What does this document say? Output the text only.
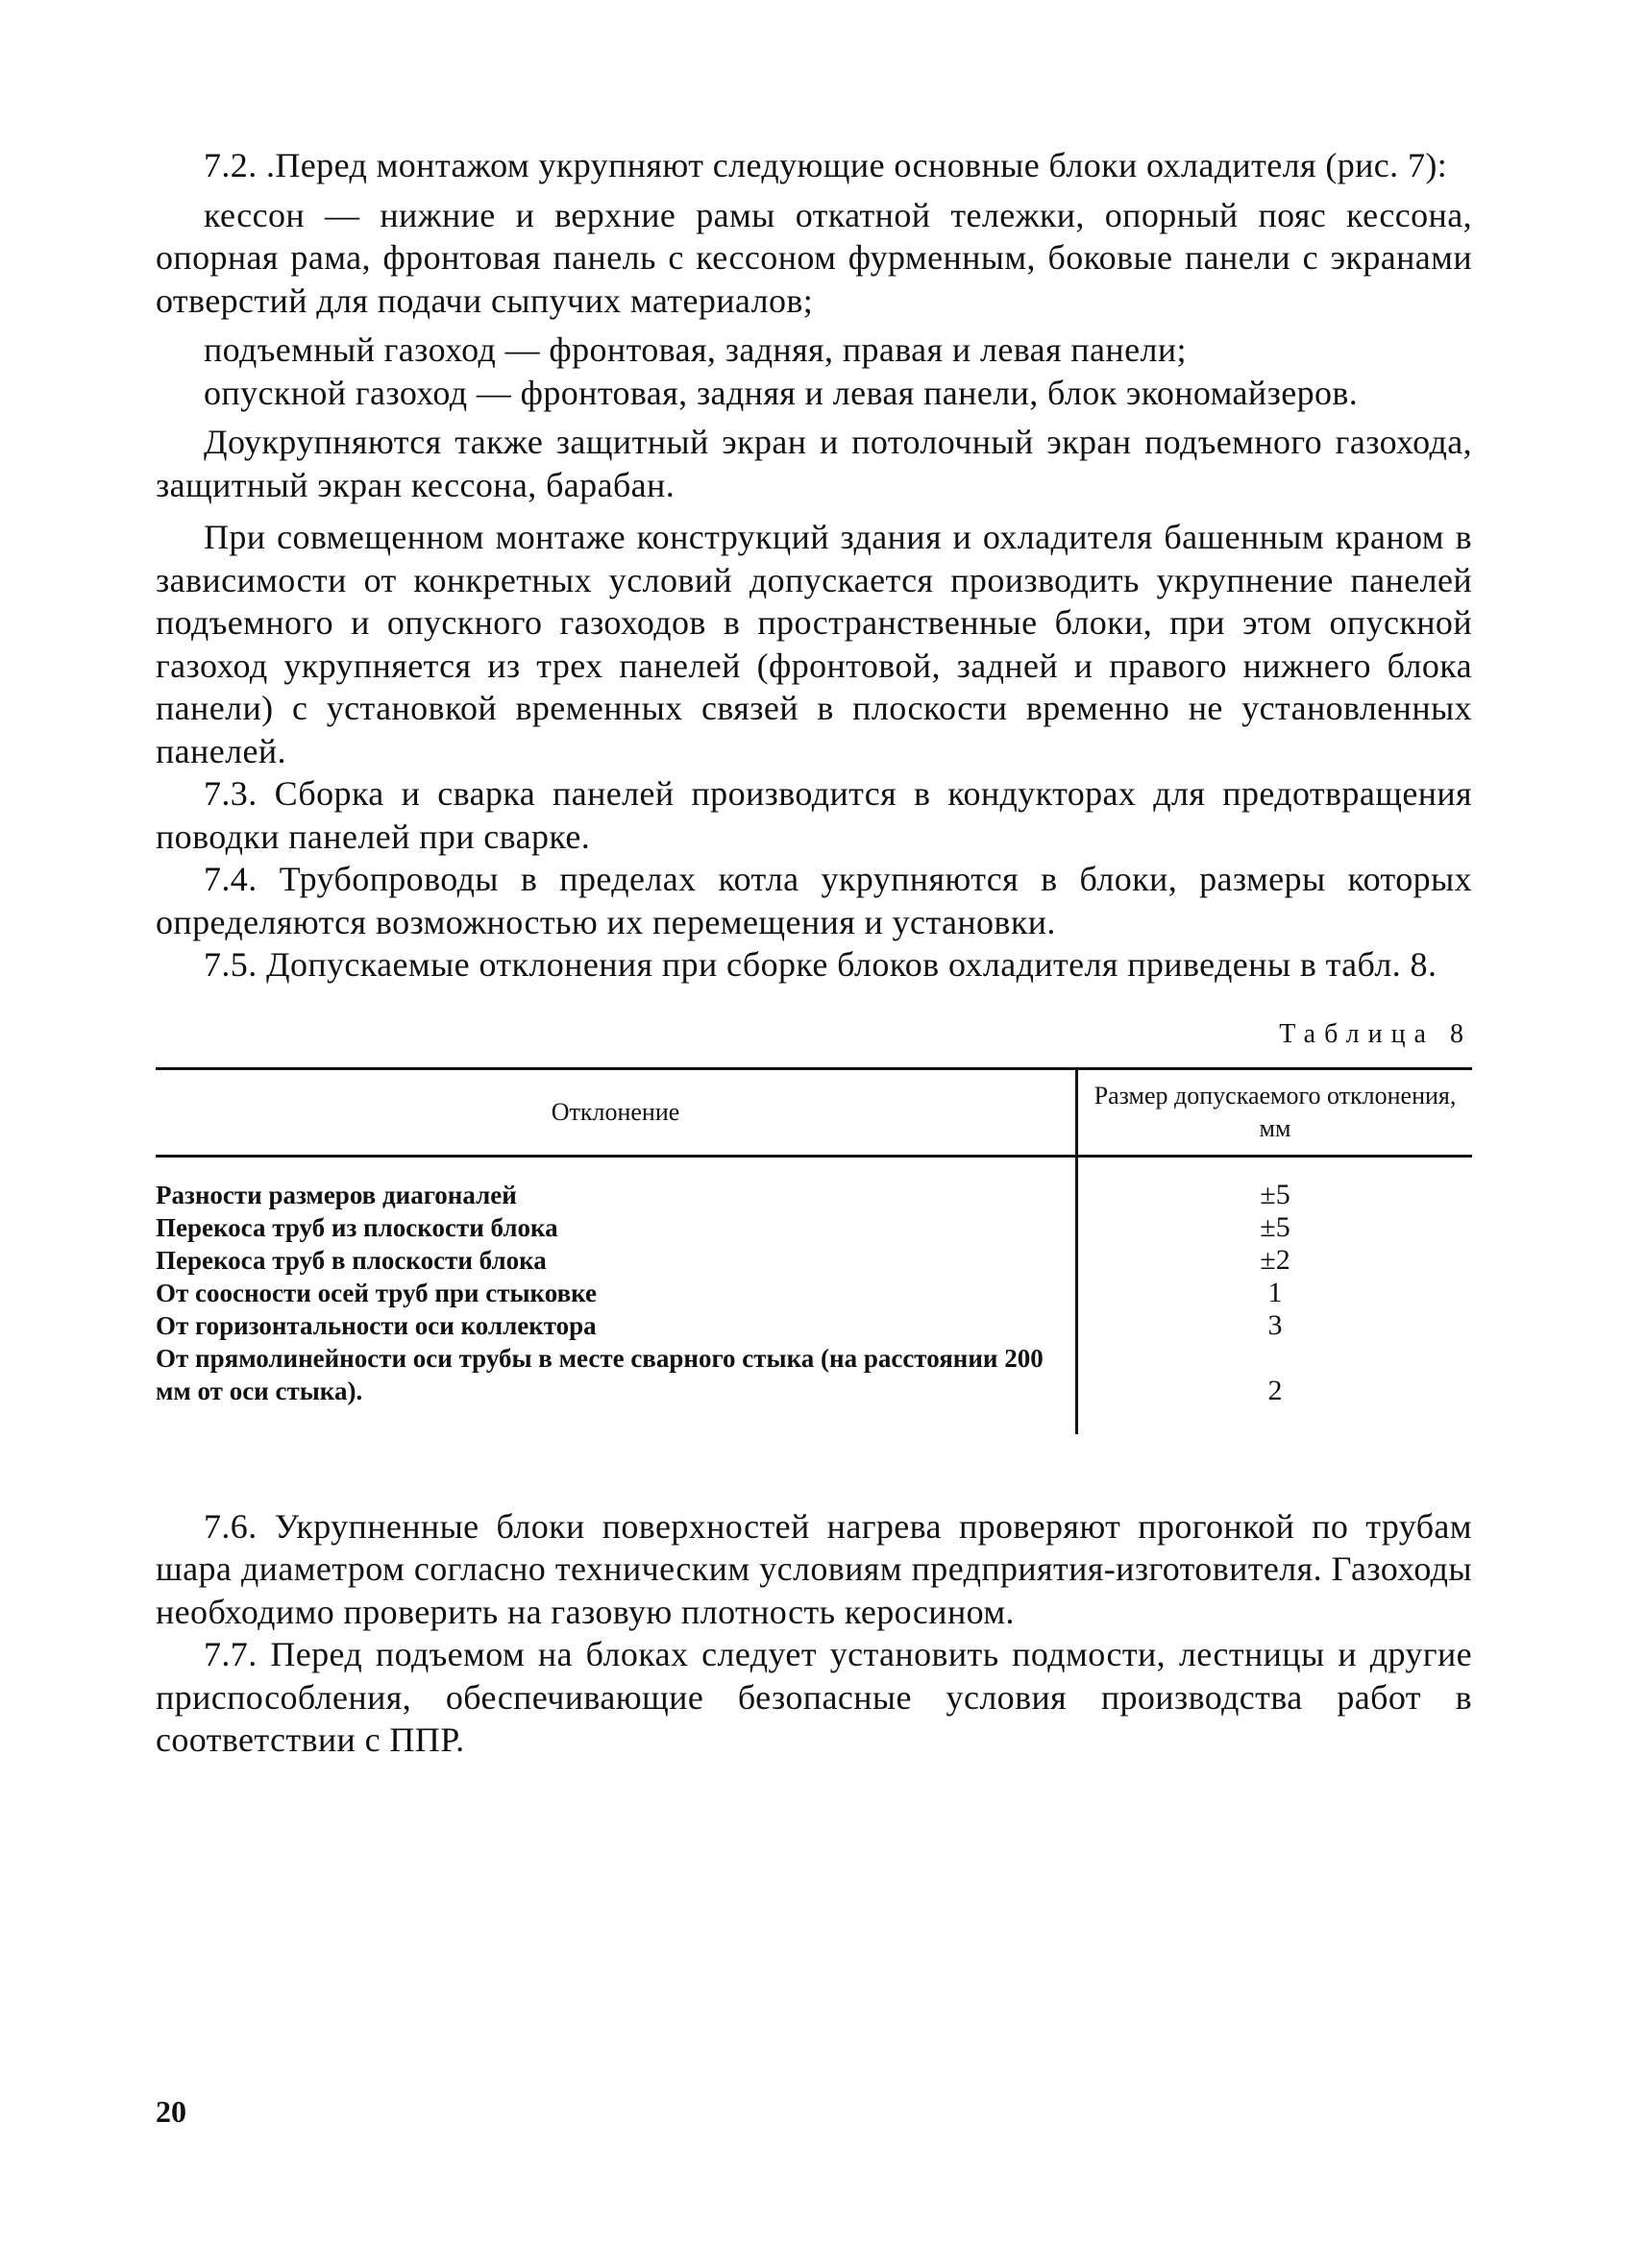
7.2. .Перед монтажом укрупняют следующие основные блоки охладителя (рис. 7):

кессон — нижние и верхние рамы откатной тележки, опорный пояс кессона, опорная рама, фронтовая панель с кессоном фурменным, боковые панели с экранами отверстий для подачи сыпучих материалов;

подъемный газоход — фронтовая, задняя, правая и левая панели;

опускной газоход — фронтовая, задняя и левая панели, блок экономайзеров.

Доукрупняются также защитный экран и потолочный экран подъемного газохода, защитный экран кессона, барабан.

При совмещенном монтаже конструкций здания и охладителя башенным краном в зависимости от конкретных условий допускается производить укрупнение панелей подъемного и опускного газоходов в пространственные блоки, при этом опускной газоход укрупняется из трех панелей (фронтовой, задней и правого нижнего блока панели) с установкой временных связей в плоскости временно не установленных панелей.

7.3. Сборка и сварка панелей производится в кондукторах для предотвращения поводки панелей при сварке.

7.4. Трубопроводы в пределах котла укрупняются в блоки, размеры которых определяются возможностью их перемещения и установки.

7.5. Допускаемые отклонения при сборке блоков охладителя приведены в табл. 8.

Таблица 8
Отклонение	Размер допускаемого отклонения, мм
Разности размеров диагоналей	±5
Перекоса труб из плоскости блока	±5
Перекоса труб в плоскости блока	±2
От соосности осей труб при стыковке	1
От горизонтальности оси коллектора	3
От прямолинейности оси трубы в месте сварного стыка (на расстоянии 200 мм от оси стыка).	2

7.6. Укрупненные блоки поверхностей нагрева проверяют прогонкой по трубам шара диаметром согласно техническим условиям предприятия-изготовителя. Газоходы необходимо проверить на газовую плотность керосином.

7.7. Перед подъемом на блоках следует установить подмости, лестницы и другие приспособления, обеспечивающие безопасные условия производства работ в соответствии с ППР.

20
